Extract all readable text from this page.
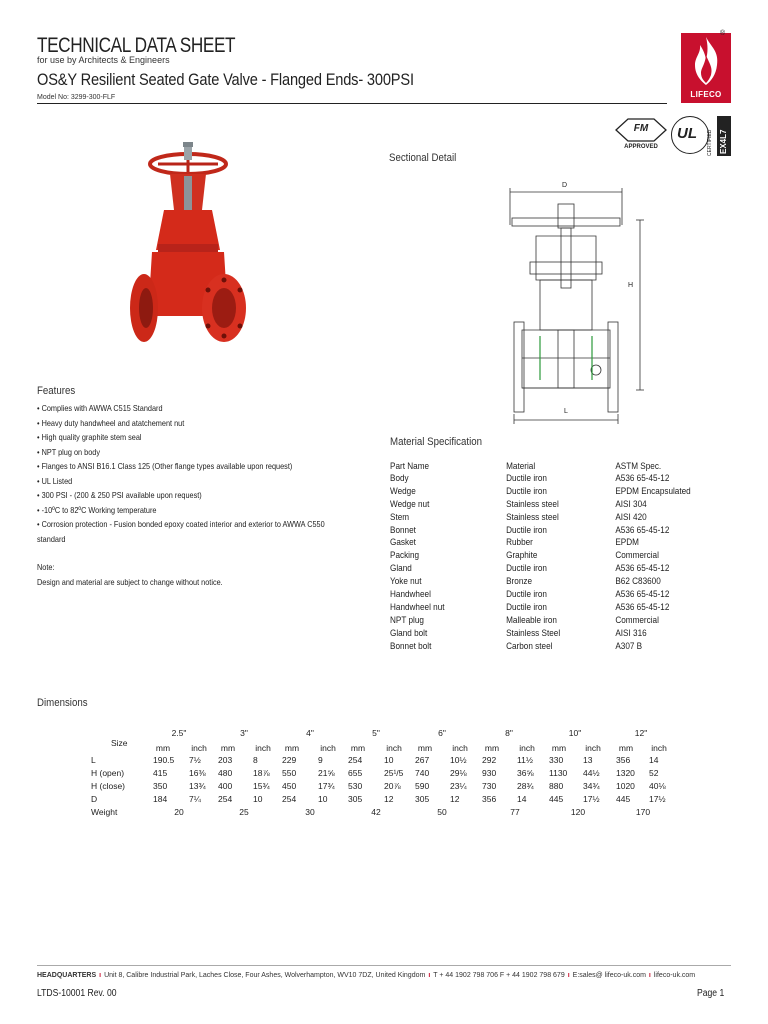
TECHNICAL DATA SHEET
for use by Architects & Engineers
OS&Y Resilient Seated Gate Valve - Flanged Ends- 300PSI
Model No: 3299-300-FLF	LIFECO
®
FM
APPROVED
UL CERTIFIED EX4L7
Sectional Detail
D
H
L
Features
• Complies with AWWA C515 Standard
• Heavy duty handwheel and atatchement nut
• High quality graphite stem seal
• NPT plug on body
• Flanges to ANSI B16.1 Class 125 (Other flange types available upon request)
• UL Listed
• 300 PSI - (200 & 250 PSI available upon request)
• -10ºC to 82ºC Working temperature
• Corrosion protection - Fusion bonded epoxy coated interior and exterior to AWWA C550
standard
Note:
Design and material are subject to change without notice.
Material Specification
Part Name	Material	ASTM Spec.
Body	Ductile iron	A536 65-45-12
Wedge	Ductile iron	EPDM Encapsulated
Wedge nut	Stainless steel	AISI 304
Stem	Stainless steel	AISI 420
Bonnet	Ductile iron	A536 65-45-12
Gasket	Rubber	EPDM
Packing	Graphite	Commercial
Gland	Ductile iron	A536 65-45-12
Yoke nut	Bronze	B62 C83600
Handwheel	Ductile iron	A536 65-45-12
Handwheel nut	Ductile iron	A536 65-45-12
NPT plug	Malleable iron	Commercial
Gland bolt	Stainless Steel	AISI 316
Bonnet bolt	Carbon steel	A307 B
Dimensions
Size
2.5"	3"	4"	5"	6"	8"	10"	12"
mm	inch	mm	inch	mm	inch	mm	inch	mm	inch	mm	inch	mm	inch	mm	inch
L	190.5 7½ 203 8	229	9	254	10	267 10½ 292 11½ 330 13	356 14
H (open)	415	16⅜ 480 18⅞ 550	21⅝ 655	25¹/5 740 29⅛ 930 36⅝ 1130 44½ 1320 52
H (close)	350	13¾ 400 15¾ 450	17¾ 530	20⅞ 590 23¼ 730 28¾ 880 34¾ 1020 40⅛
D	184	7¼ 254 10 254	10 305	12	305 12	356 14	445 17½ 445 17½
Weight	20	25	30	42	50	77	120	170
HEADQUARTERS ı Unit 8, Calibre Industrial Park, Laches Close, Four Ashes, Wolverhampton, WV10 7DZ, United Kingdom ı T + 44 1902 798 706 F + 44 1902 798 679 ı E:sales@ lifeco-uk.com ı lifeco-uk.com
LTDS-10001 Rev. 00	Page 1
